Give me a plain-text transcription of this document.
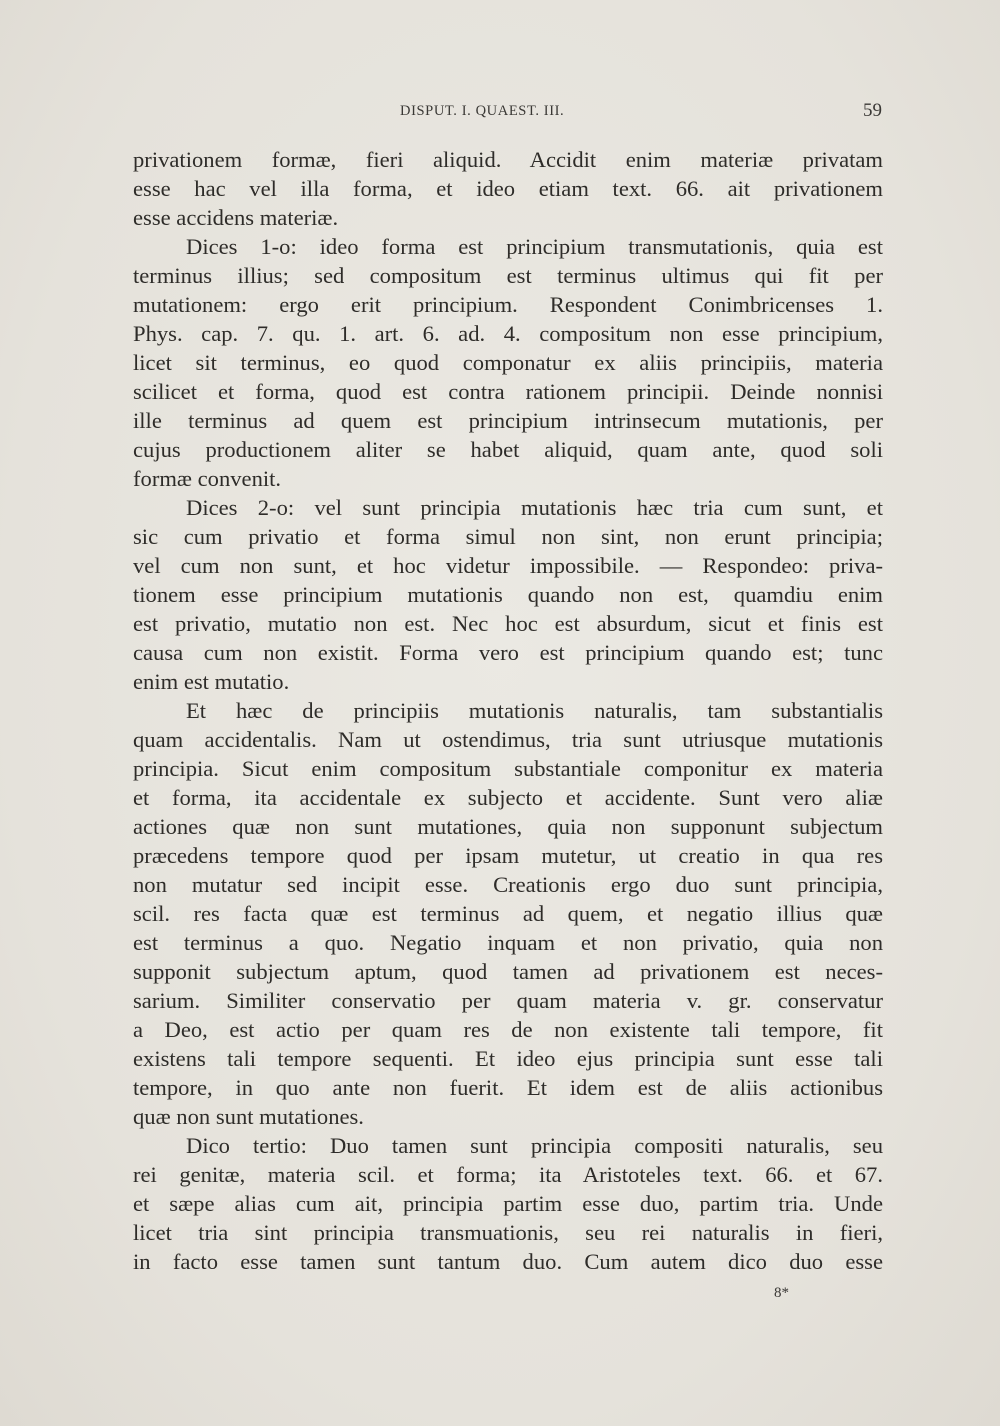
DISPUT. I. QUAEST. III.	59
privationem formæ, fieri aliquid. Accidit enim materiæ privatam
esse hac vel illa forma, et ideo etiam text. 66. ait privationem
esse accidens materiæ.
Dices 1-o: ideo forma est principium transmutationis, quia est
terminus illius; sed compositum est terminus ultimus qui fit per
mutationem: ergo erit principium. Respondent Conimbricenses 1.
Phys. cap. 7. qu. 1. art. 6. ad. 4. compositum non esse principium,
licet sit terminus, eo quod componatur ex aliis principiis, materia
scilicet et forma, quod est contra rationem principii. Deinde nonnisi
ille terminus ad quem est principium intrinsecum mutationis, per
cujus productionem aliter se habet aliquid, quam ante, quod soli
formæ convenit.
Dices 2-o: vel sunt principia mutationis hæc tria cum sunt, et
sic cum privatio et forma simul non sint, non erunt principia;
vel cum non sunt, et hoc videtur impossibile. — Respondeo: priva-
tionem esse principium mutationis quando non est, quamdiu enim
est privatio, mutatio non est. Nec hoc est absurdum, sicut et finis est
causa cum non existit. Forma vero est principium quando est; tunc
enim est mutatio.
Et hæc de principiis mutationis naturalis, tam substantialis
quam accidentalis. Nam ut ostendimus, tria sunt utriusque mutationis
principia. Sicut enim compositum substantiale componitur ex materia
et forma, ita accidentale ex subjecto et accidente. Sunt vero aliæ
actiones quæ non sunt mutationes, quia non supponunt subjectum
præcedens tempore quod per ipsam mutetur, ut creatio in qua res
non mutatur sed incipit esse. Creationis ergo duo sunt principia,
scil. res facta quæ est terminus ad quem, et negatio illius quæ
est terminus a quo. Negatio inquam et non privatio, quia non
supponit subjectum aptum, quod tamen ad privationem est neces-
sarium. Similiter conservatio per quam materia v. gr. conservatur
a Deo, est actio per quam res de non existente tali tempore, fit
existens tali tempore sequenti. Et ideo ejus principia sunt esse tali
tempore, in quo ante non fuerit. Et idem est de aliis actionibus
quæ non sunt mutationes.
Dico tertio: Duo tamen sunt principia compositi naturalis, seu
rei genitæ, materia scil. et forma; ita Aristoteles text. 66. et 67.
et sæpe alias cum ait, principia partim esse duo, partim tria. Unde
licet tria sint principia transmuationis, seu rei naturalis in fieri,
in facto esse tamen sunt tantum duo. Cum autem dico duo esse
8*
